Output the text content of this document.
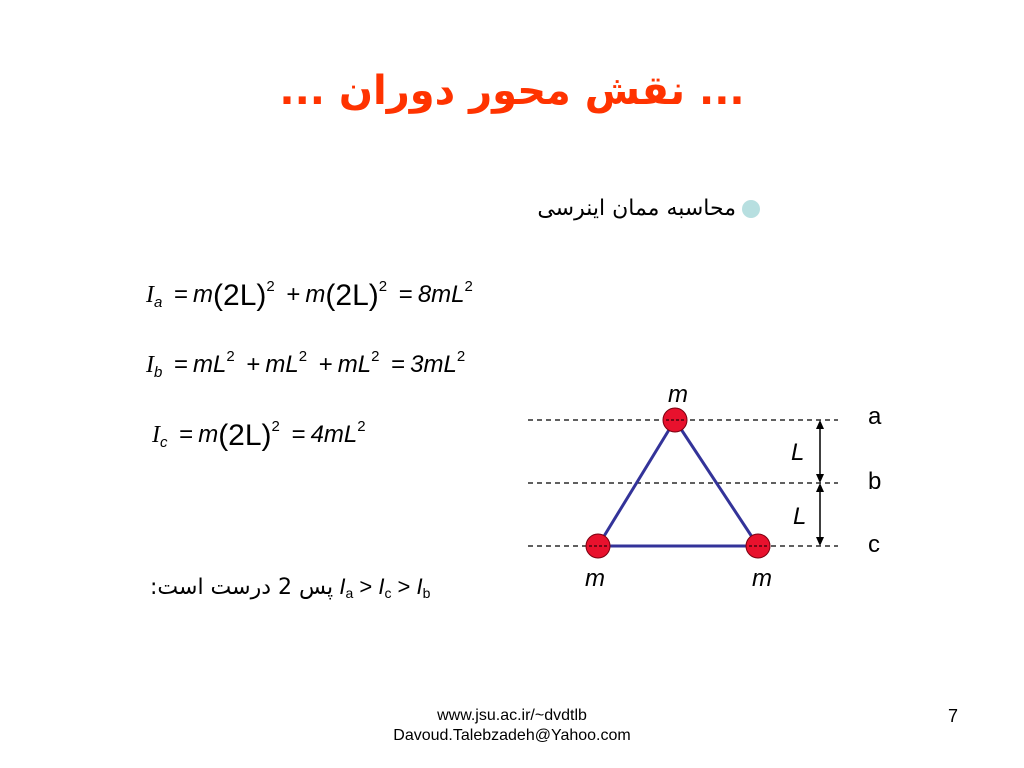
... نقش محور دوران ...
محاسبه ممان اینرسی
$I_a = m(2L)^2 + m(2L)^2 = 8mL^2$
$I_b = mL^2 + mL^2 + mL^2 = 3mL^2$
$I_c = m(2L)^2 = 4mL^2$
پس 2 درست است: $I_a > I_c > I_b$
m
m	m
L
L
a
b
c
www.jsu.ac.ir/~dvdtlb
Davoud.Talebzadeh@Yahoo.com
7
